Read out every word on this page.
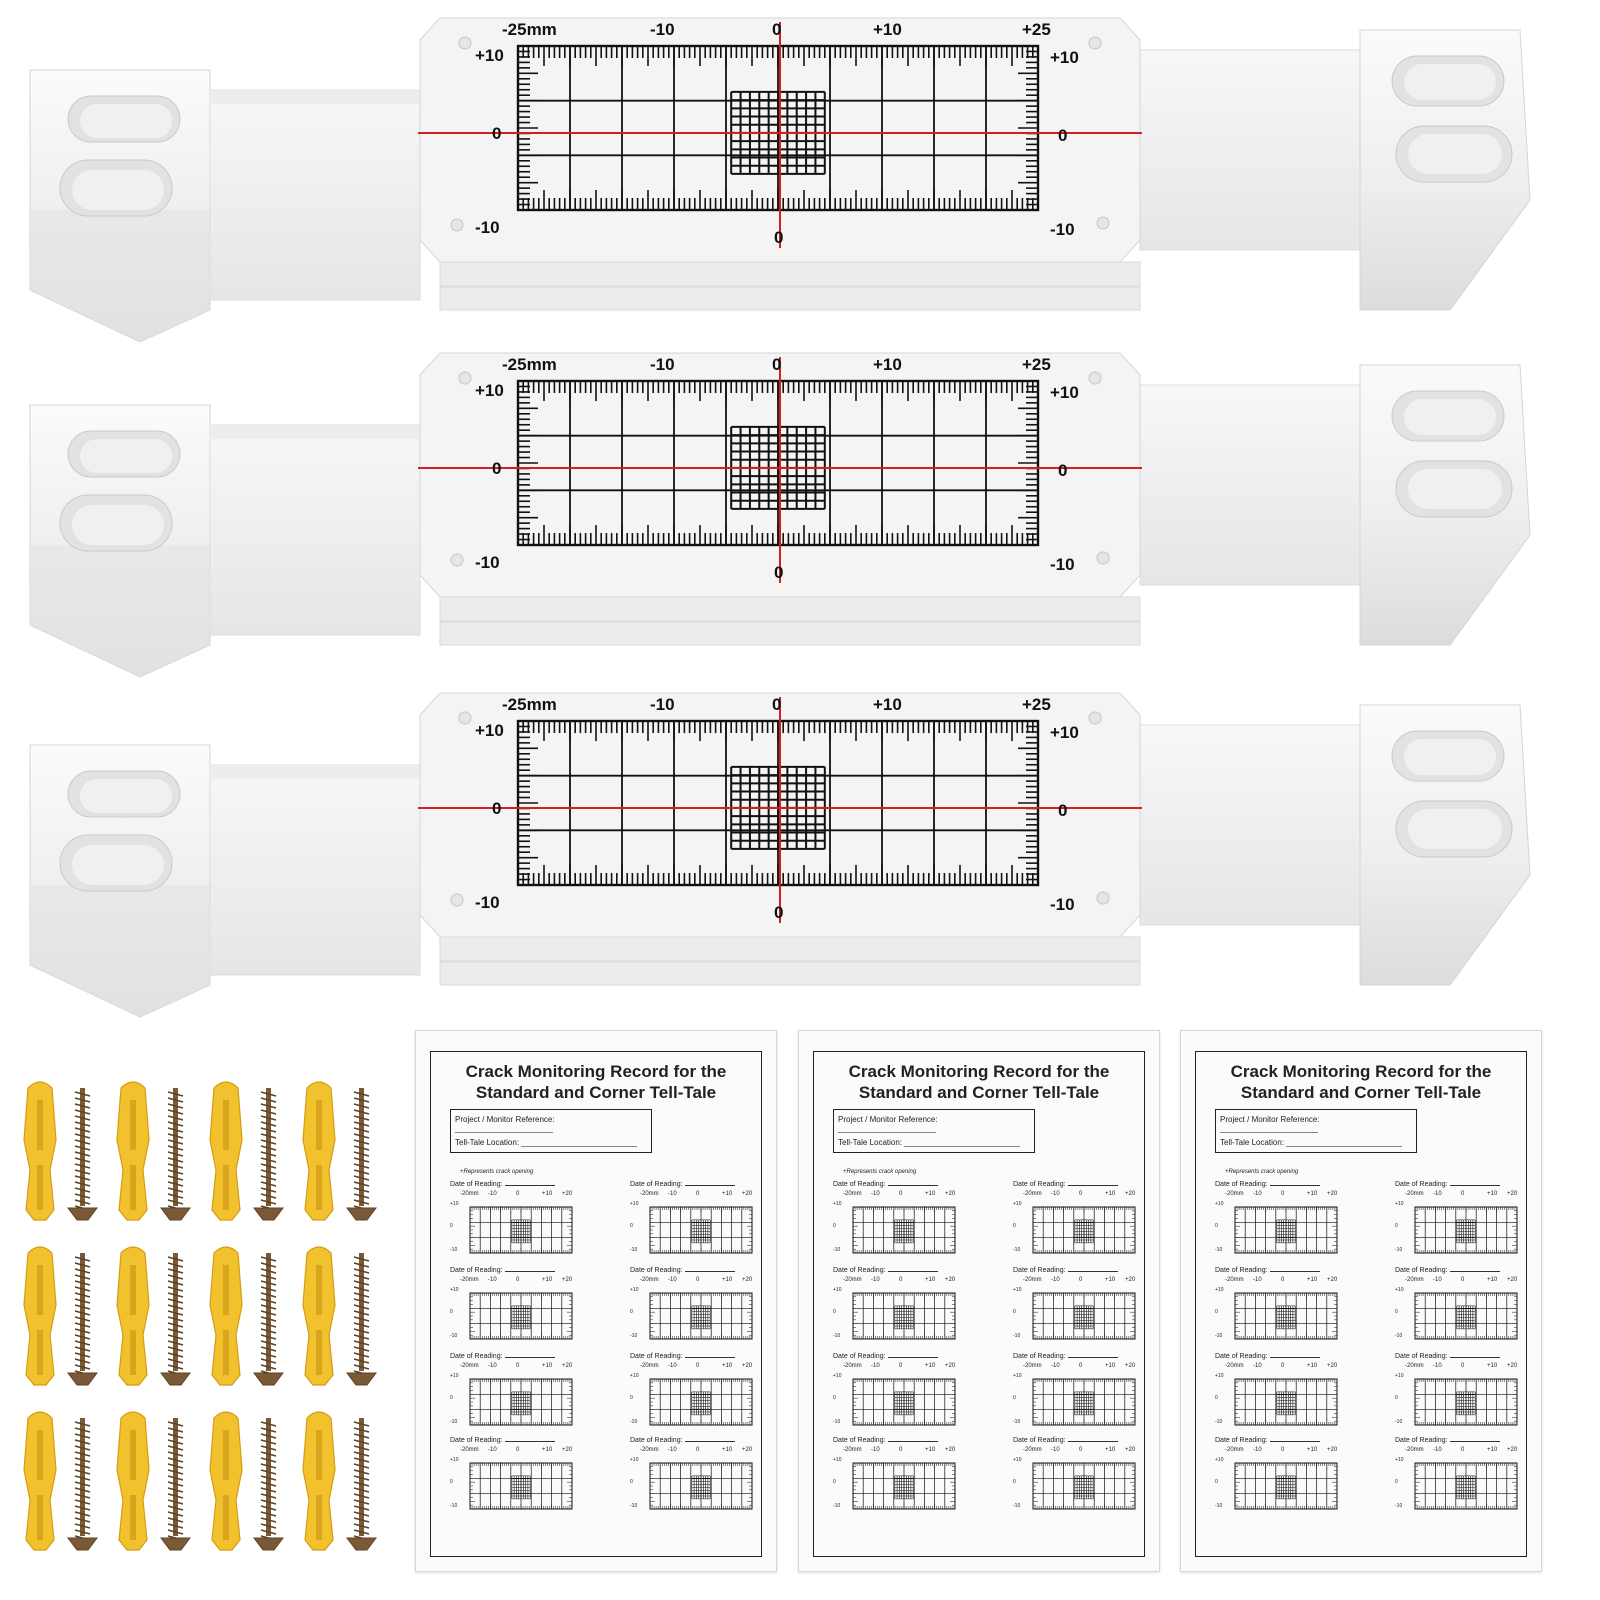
-25mm	-10	0	+10	+25
+10
0
-10
+10
0
-10
0
-25mm	-10	0	+10	+25
+10
0
-10
+10
0
-10
0
-25mm	-10	0	+10	+25
+10
0
-10
+10
0
-10
0
Crack Monitoring Record for the
Standard and Corner Tell-Tale
Project / Monitor Reference: ______________________
Tell-Tale Location: __________________________
+Represents crack opening
Date of Reading:
-20mm -10	0	+10 +20
+10
0
-10
Date of Reading:
-20mm -10	0	+10 +20
+10
0
-10
Date of Reading:
-20mm -10	0	+10 +20
+10
0
-10
Date of Reading:
-20mm -10	0	+10 +20
+10
0
-10
Date of Reading:
-20mm -10	0	+10 +20
+10
0
-10
Date of Reading:
-20mm -10	0	+10 +20
+10
0
-10
Date of Reading:
-20mm -10	0	+10 +20
+10
0
-10
Date of Reading:
-20mm -10	0	+10 +20
+10
0
-10
Crack Monitoring Record for the
Standard and Corner Tell-Tale
Project / Monitor Reference: ______________________
Tell-Tale Location: __________________________
+Represents crack opening
Date of Reading:
-20mm -10	0	+10 +20
+10
0
-10
Date of Reading:
-20mm -10	0	+10 +20
+10
0
-10
Date of Reading:
-20mm -10	0	+10 +20
+10
0
-10
Date of Reading:
-20mm -10	0	+10 +20
+10
0
-10
Date of Reading:
-20mm -10	0	+10 +20
+10
0
-10
Date of Reading:
-20mm -10	0	+10 +20
+10
0
-10
Date of Reading:
-20mm -10	0	+10 +20
+10
0
-10
Date of Reading:
-20mm -10	0	+10 +20
+10
0
-10
Crack Monitoring Record for the
Standard and Corner Tell-Tale
Project / Monitor Reference: ______________________
Tell-Tale Location: __________________________
+Represents crack opening
Date of Reading:
-20mm -10	0	+10 +20
+10
0
-10
Date of Reading:
-20mm -10	0	+10 +20
+10
0
-10
Date of Reading:
-20mm -10	0	+10 +20
+10
0
-10
Date of Reading:
-20mm -10	0	+10 +20
+10
0
-10
Date of Reading:
-20mm -10	0	+10 +20
+10
0
-10
Date of Reading:
-20mm -10	0	+10 +20
+10
0
-10
Date of Reading:
-20mm -10	0	+10 +20
+10
0
-10
Date of Reading:
-20mm -10	0	+10 +20
+10
0
-10
